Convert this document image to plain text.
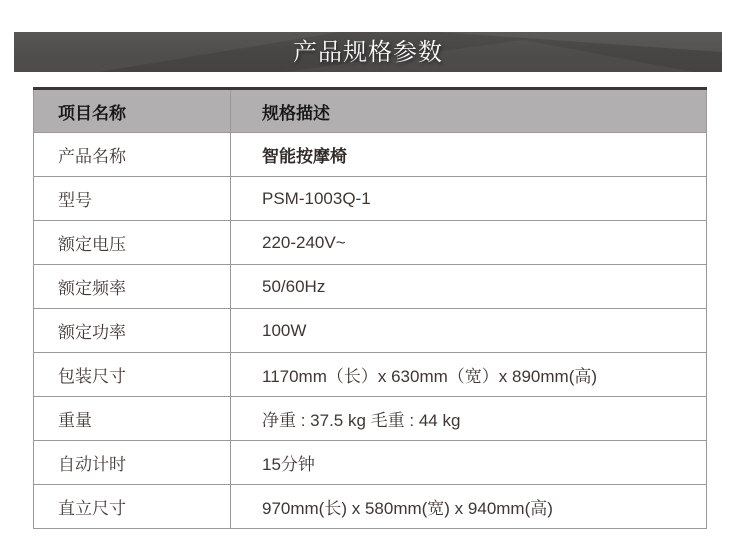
产品规格参数
项目名称	规格描述
产品名称	智能按摩椅
型号	PSM-1003Q-1
额定电压	220-240V~
额定频率	50/60Hz
额定功率	100W
包装尺寸	1170mm（长）x 630mm（宽）x 890mm(高)
重量	净重 : 37.5 kg 毛重 : 44 kg
自动计时	15分钟
直立尺寸	970mm(长) x 580mm(宽) x 940mm(高)
